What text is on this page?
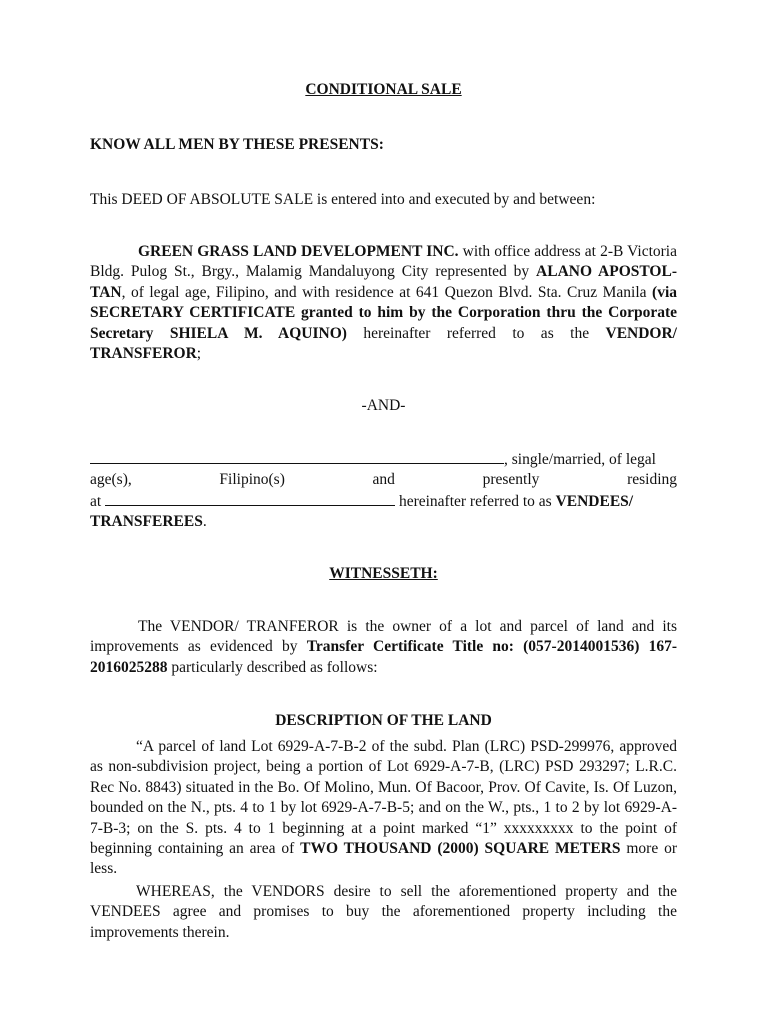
CONDITIONAL SALE
KNOW ALL MEN BY THESE PRESENTS:
This DEED OF ABSOLUTE SALE is entered into and executed by and between:

GREEN GRASS LAND DEVELOPMENT INC. with office address at 2-B Victoria Bldg. Pulog St., Brgy., Malamig Mandaluyong City represented by ALANO APOSTOL-TAN, of legal age, Filipino, and with residence at 641 Quezon Blvd. Sta. Cruz Manila (via SECRETARY CERTIFICATE granted to him by the Corporation thru the Corporate Secretary SHIELA M. AQUINO) hereinafter referred to as the VENDOR/ TRANSFEROR;

-AND-
, single/married, of legal
age(s),	Filipino(s)	and	presently	residing
at	hereinafter referred to as VENDEES/
TRANSFEREES.
WITNESSETH:

The VENDOR/ TRANFEROR is the owner of a lot and parcel of land and its improvements as evidenced by Transfer Certificate Title no: (057-2014001536) 167-2016025288 particularly described as follows:

DESCRIPTION OF THE LAND

“A parcel of land Lot 6929-A-7-B-2 of the subd. Plan (LRC) PSD-299976, approved as non-subdivision project, being a portion of Lot 6929-A-7-B, (LRC) PSD 293297; L.R.C. Rec No. 8843) situated in the Bo. Of Molino, Mun. Of Bacoor, Prov. Of Cavite, Is. Of Luzon, bounded on the N., pts. 4 to 1 by lot 6929-A-7-B-5; and on the W., pts., 1 to 2 by lot 6929-A-7-B-3; on the S. pts. 4 to 1 beginning at a point marked “1” xxxxxxxxx to the point of beginning containing an area of TWO THOUSAND (2000) SQUARE METERS more or less.

WHEREAS, the VENDORS desire to sell the aforementioned property and the VENDEES agree and promises to buy the aforementioned property including the improvements therein.
